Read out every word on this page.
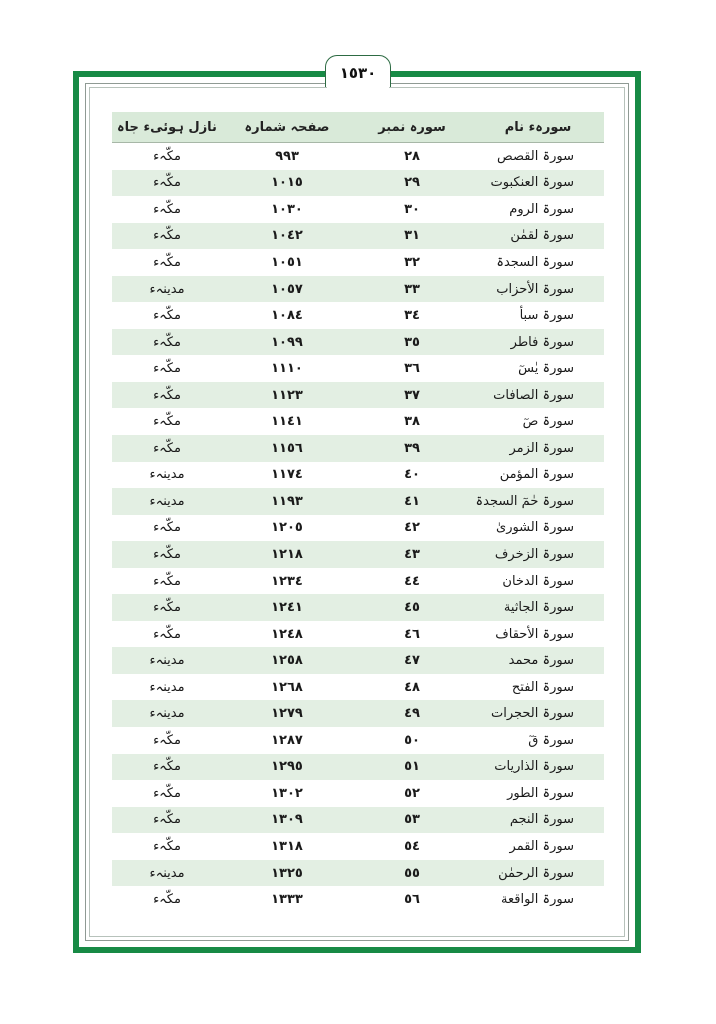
١٥٣٠
سورہء نام	سورہ نمبر	صفحہ شمارہ	نازل ہوئیء جاہ
سورۃ القصص	٢٨	٩٩٣	مكّہء
سورۃ العنكبوت	٢٩	١٠١٥	مكّہء
سورۃ الروم	٣٠	١٠٣٠	مكّہء
سورۃ لقمٰن	٣١	١٠٤٢	مكّہء
سورۃ السجدۃ	٣٢	١٠٥١	مكّہء
سورۃ الأحزاب	٣٣	١٠٥٧	مدينہء
سورۃ سبأ	٣٤	١٠٨٤	مكّہء
سورۃ فاطر	٣٥	١٠٩٩	مكّہء
سورۃ يٰسٓ	٣٦	١١١٠	مكّہء
سورۃ الصافات	٣٧	١١٢٣	مكّہء
سورۃ صٓ	٣٨	١١٤١	مكّہء
سورۃ الزمر	٣٩	١١٥٦	مكّہء
سورۃ المؤمن	٤٠	١١٧٤	مدينہء
سورۃ حٰمٓ السجدۃ	٤١	١١٩٣	مدينہء
سورۃ الشوریٰ	٤٢	١٢٠٥	مكّہء
سورۃ الزخرف	٤٣	١٢١٨	مكّہء
سورۃ الدخان	٤٤	١٢٣٤	مكّہء
سورۃ الجاثية	٤٥	١٢٤١	مكّہء
سورۃ الأحقاف	٤٦	١٢٤٨	مكّہء
سورۃ محمد	٤٧	١٢٥٨	مدينہء
سورۃ الفتح	٤٨	١٢٦٨	مدينہء
سورۃ الحجرات	٤٩	١٢٧٩	مدينہء
سورۃ قٓ	٥٠	١٢٨٧	مكّہء
سورۃ الذاريات	٥١	١٢٩٥	مكّہء
سورۃ الطور	٥٢	١٣٠٢	مكّہء
سورۃ النجم	٥٣	١٣٠٩	مكّہء
سورۃ القمر	٥٤	١٣١٨	مكّہء
سورۃ الرحمٰن	٥٥	١٣٢٥	مدينہء
سورۃ الواقعة	٥٦	١٣٣٣	مكّہء
